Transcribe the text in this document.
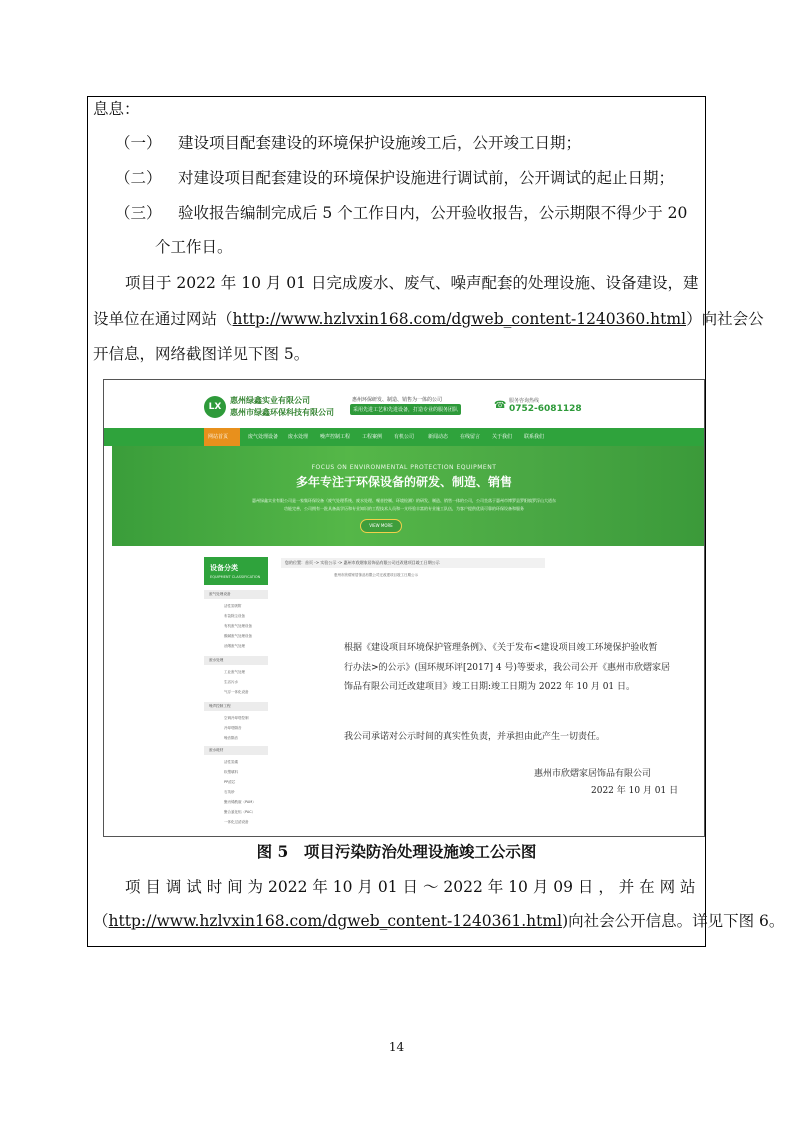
息息：
（一） 建设项目配套建设的环境保护设施竣工后，公开竣工日期；
（二） 对建设项目配套建设的环境保护设施进行调试前，公开调试的起止日期；
（三） 验收报告编制完成后 5 个工作日内，公开验收报告，公示期限不得少于 20
个工作日。
项目于 2022 年 10 月 01 日完成废水、废气、噪声配套的处理设施、设备建设，建
设单位在通过网站（http://www.hzlvxin168.com/dgweb_content-1240360.html）向社会公
开信息，网络截图详见下图 5。
LX
惠州绿鑫实业有限公司
惠州市绿鑫环保科技有限公司
惠州环保研发、制造、销售为一体的公司
采用先进工艺和先进设备，打造专业的服务团队	☎ 服务咨询热线
0752-6081128
网站首页	废气处理设备 废水处理 噪声控制工程 工程案例 有机公司	新闻动态 在线留言 关于我们 联系我们
FOCUS ON ENVIRONMENTAL PROTECTION EQUIPMENT
多年专注于环保设备的研发、制造、销售
惠州绿鑫实业有限公司是一家集环保设备（废气处理系统、废水处理、噪音控制、环境检测）的研发、制造、销售一体的公司，公司坐落于惠州市博罗县罗阳镇罗浮山大道东
功能完善，公司拥有一批具备高学历和专业知识的工程技术人员和一支经验丰富的专业施工队伍，为客户提供优质可靠的环保设备和服务
VIEW MORE
设备分类
EQUIPMENT CLASSIFICATION
废气处理设备
活性炭吸附
布袋除尘设备
有机废气处理设备
酸碱废气处理设备
油烟废气处理
废水处理
工业废气处理
生活污水
气浮一体化设备
噪声控制工程
空调冷却塔控制
冷却塔隔音
噪音隔音
废水耗材
活性炭碳
软塑填料
PP滤芯
石英砂
聚丙烯酰胺（PAM）
聚合氯化铝（PAC）
一体化过滤设备
您的位置：首页 -> 实验公示 -> 惠州市欣熠家居饰品有限公司迁改建项目竣工日期公示
惠州市欣熠家居饰品有限公司迁改建项目竣工日期公示
根据《建设项目环境保护管理条例》、《关于发布<建设项目竣工环境保护验收暂
行办法>的公示》(国环规环评[2017] 4 号)等要求，我公司公开《惠州市欣熠家居
饰品有限公司迁改建项目》竣工日期:竣工日期为 2022 年 10 月 01 日。
我公司承诺对公示时间的真实性负责，并承担由此产生一切责任。
惠州市欣熠家居饰品有限公司
2022 年 10 月 01 日
图 5　项目污染防治处理设施竣工公示图
项 目 调 试 时 间 为 2022 年 10 月 01 日 ～ 2022 年 10 月 09 日 ， 并 在 网 站
（http://www.hzlvxin168.com/dgweb_content-1240361.html)向社会公开信息。详见下图 6。
14
